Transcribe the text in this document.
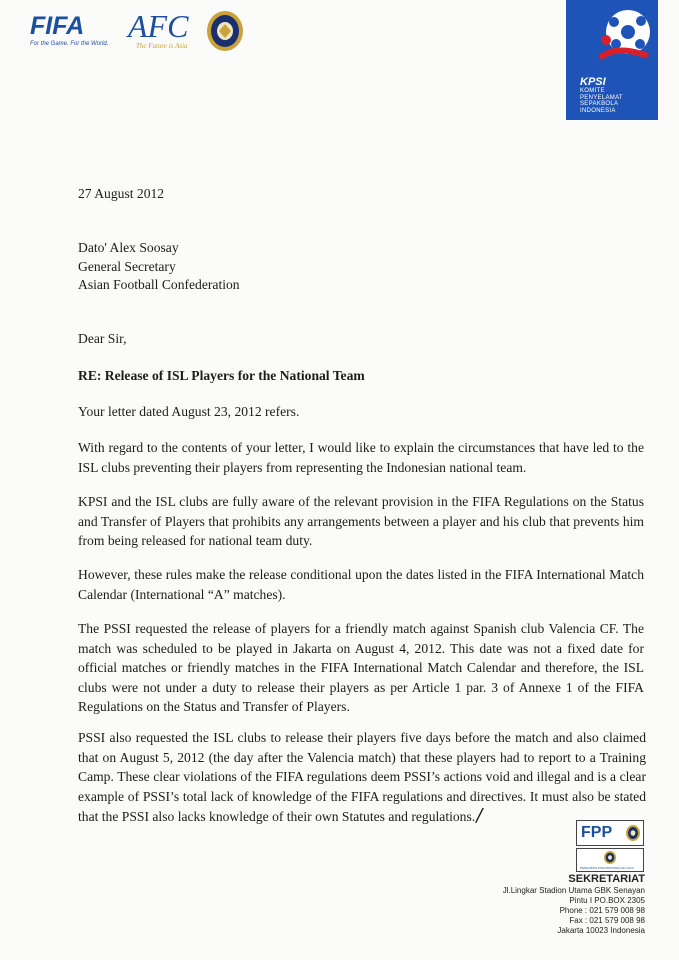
FIFA
For the Game. For the World. AFC
The Future is Asia
KPSI
KOMITE
PENYELAMAT
SEPAKBOLA
INDONESIA
27 August 2012
Dato' Alex Soosay
General Secretary
Asian Football Confederation
Dear Sir,
RE: Release of ISL Players for the National Team
Your letter dated August 23, 2012 refers.
With regard to the contents of your letter, I would like to explain the circumstances that have led to the ISL clubs preventing their players from representing the Indonesian national team.
KPSI and the ISL clubs are fully aware of the relevant provision in the FIFA Regulations on the Status and Transfer of Players that prohibits any arrangements between a player and his club that prevents him from being released for national team duty.
However, these rules make the release conditional upon the dates listed in the FIFA International Match Calendar (International “A” matches).
The PSSI requested the release of players for a friendly match against Spanish club Valencia CF. The match was scheduled to be played in Jakarta on August 4, 2012. This date was not a fixed date for official matches or friendly matches in the FIFA International Match Calendar and therefore, the ISL clubs were not under a duty to release their players as per Article 1 par. 3 of Annexe 1 of the FIFA Regulations on the Status and Transfer of Players.
PSSI also requested the ISL clubs to release their players five days before the match and also claimed that on August 5, 2012 (the day after the Valencia match) that these players had to report to a Training Camp. These clear violations of the FIFA regulations deem PSSI’s actions void and illegal and is a clear example of PSSI’s total lack of knowledge of the FIFA regulations and directives. It must also be stated that the PSSI also lacks knowledge of their own Statutes and regulations./
FPP
PENGURUS PSSI PROVINSI DKI JAYA
SEKRETARIAT
Jl.Lingkar Stadion Utama GBK Senayan
Pintu I PO.BOX 2305
Phone : 021 579 008 98
Fax : 021 579 008 98
Jakarta 10023 Indonesia
